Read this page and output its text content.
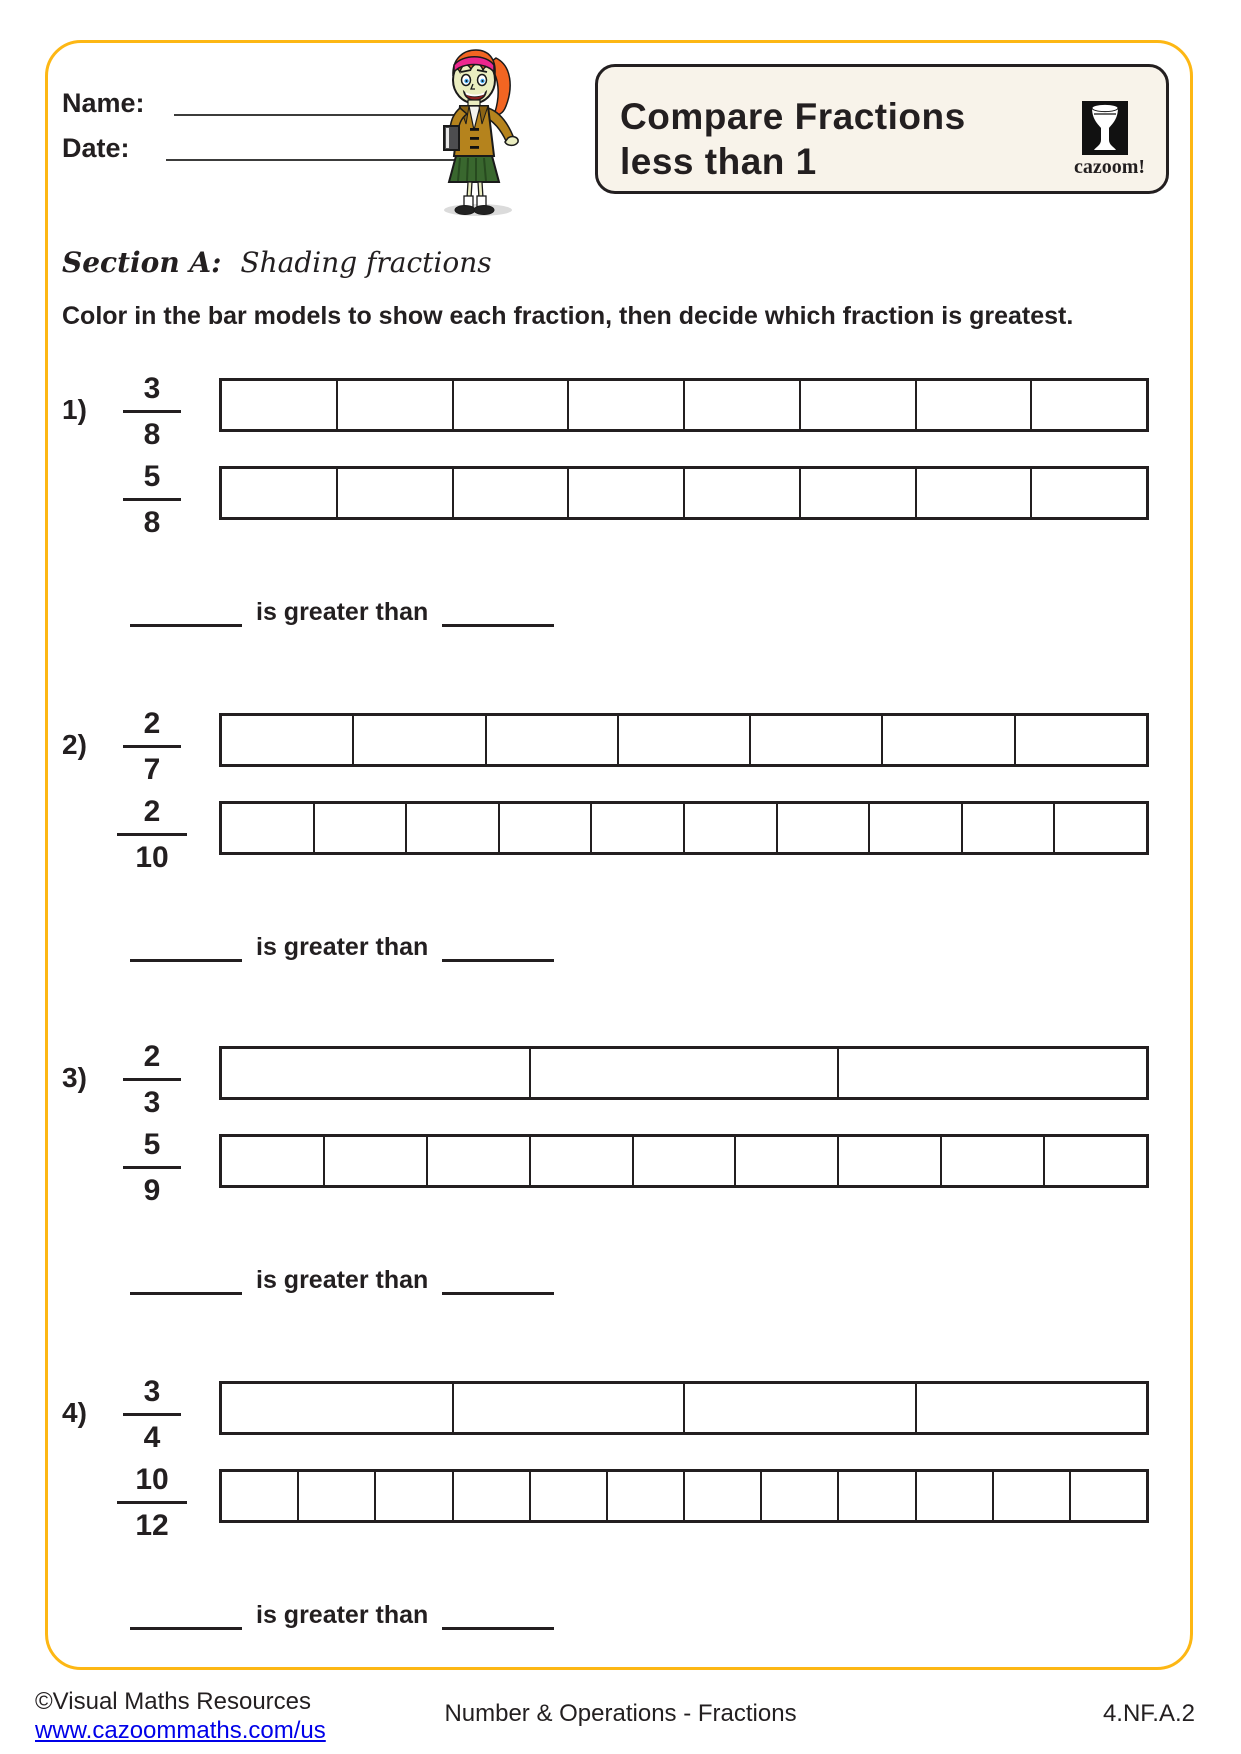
Name:
Date:
Compare Fractions
less than 1	cazoom!
Section A: Shading fractions
Color in the bar models to show each fraction, then decide which fraction is greatest.
1)
3
8
5
8
is greater than
2)
2
7
2
10
is greater than
3)
2
3
5
9
is greater than
4)
3
4
10
12
is greater than
©Visual Maths Resources
www.cazoommaths.com/us
Number & Operations - Fractions	4.NF.A.2
